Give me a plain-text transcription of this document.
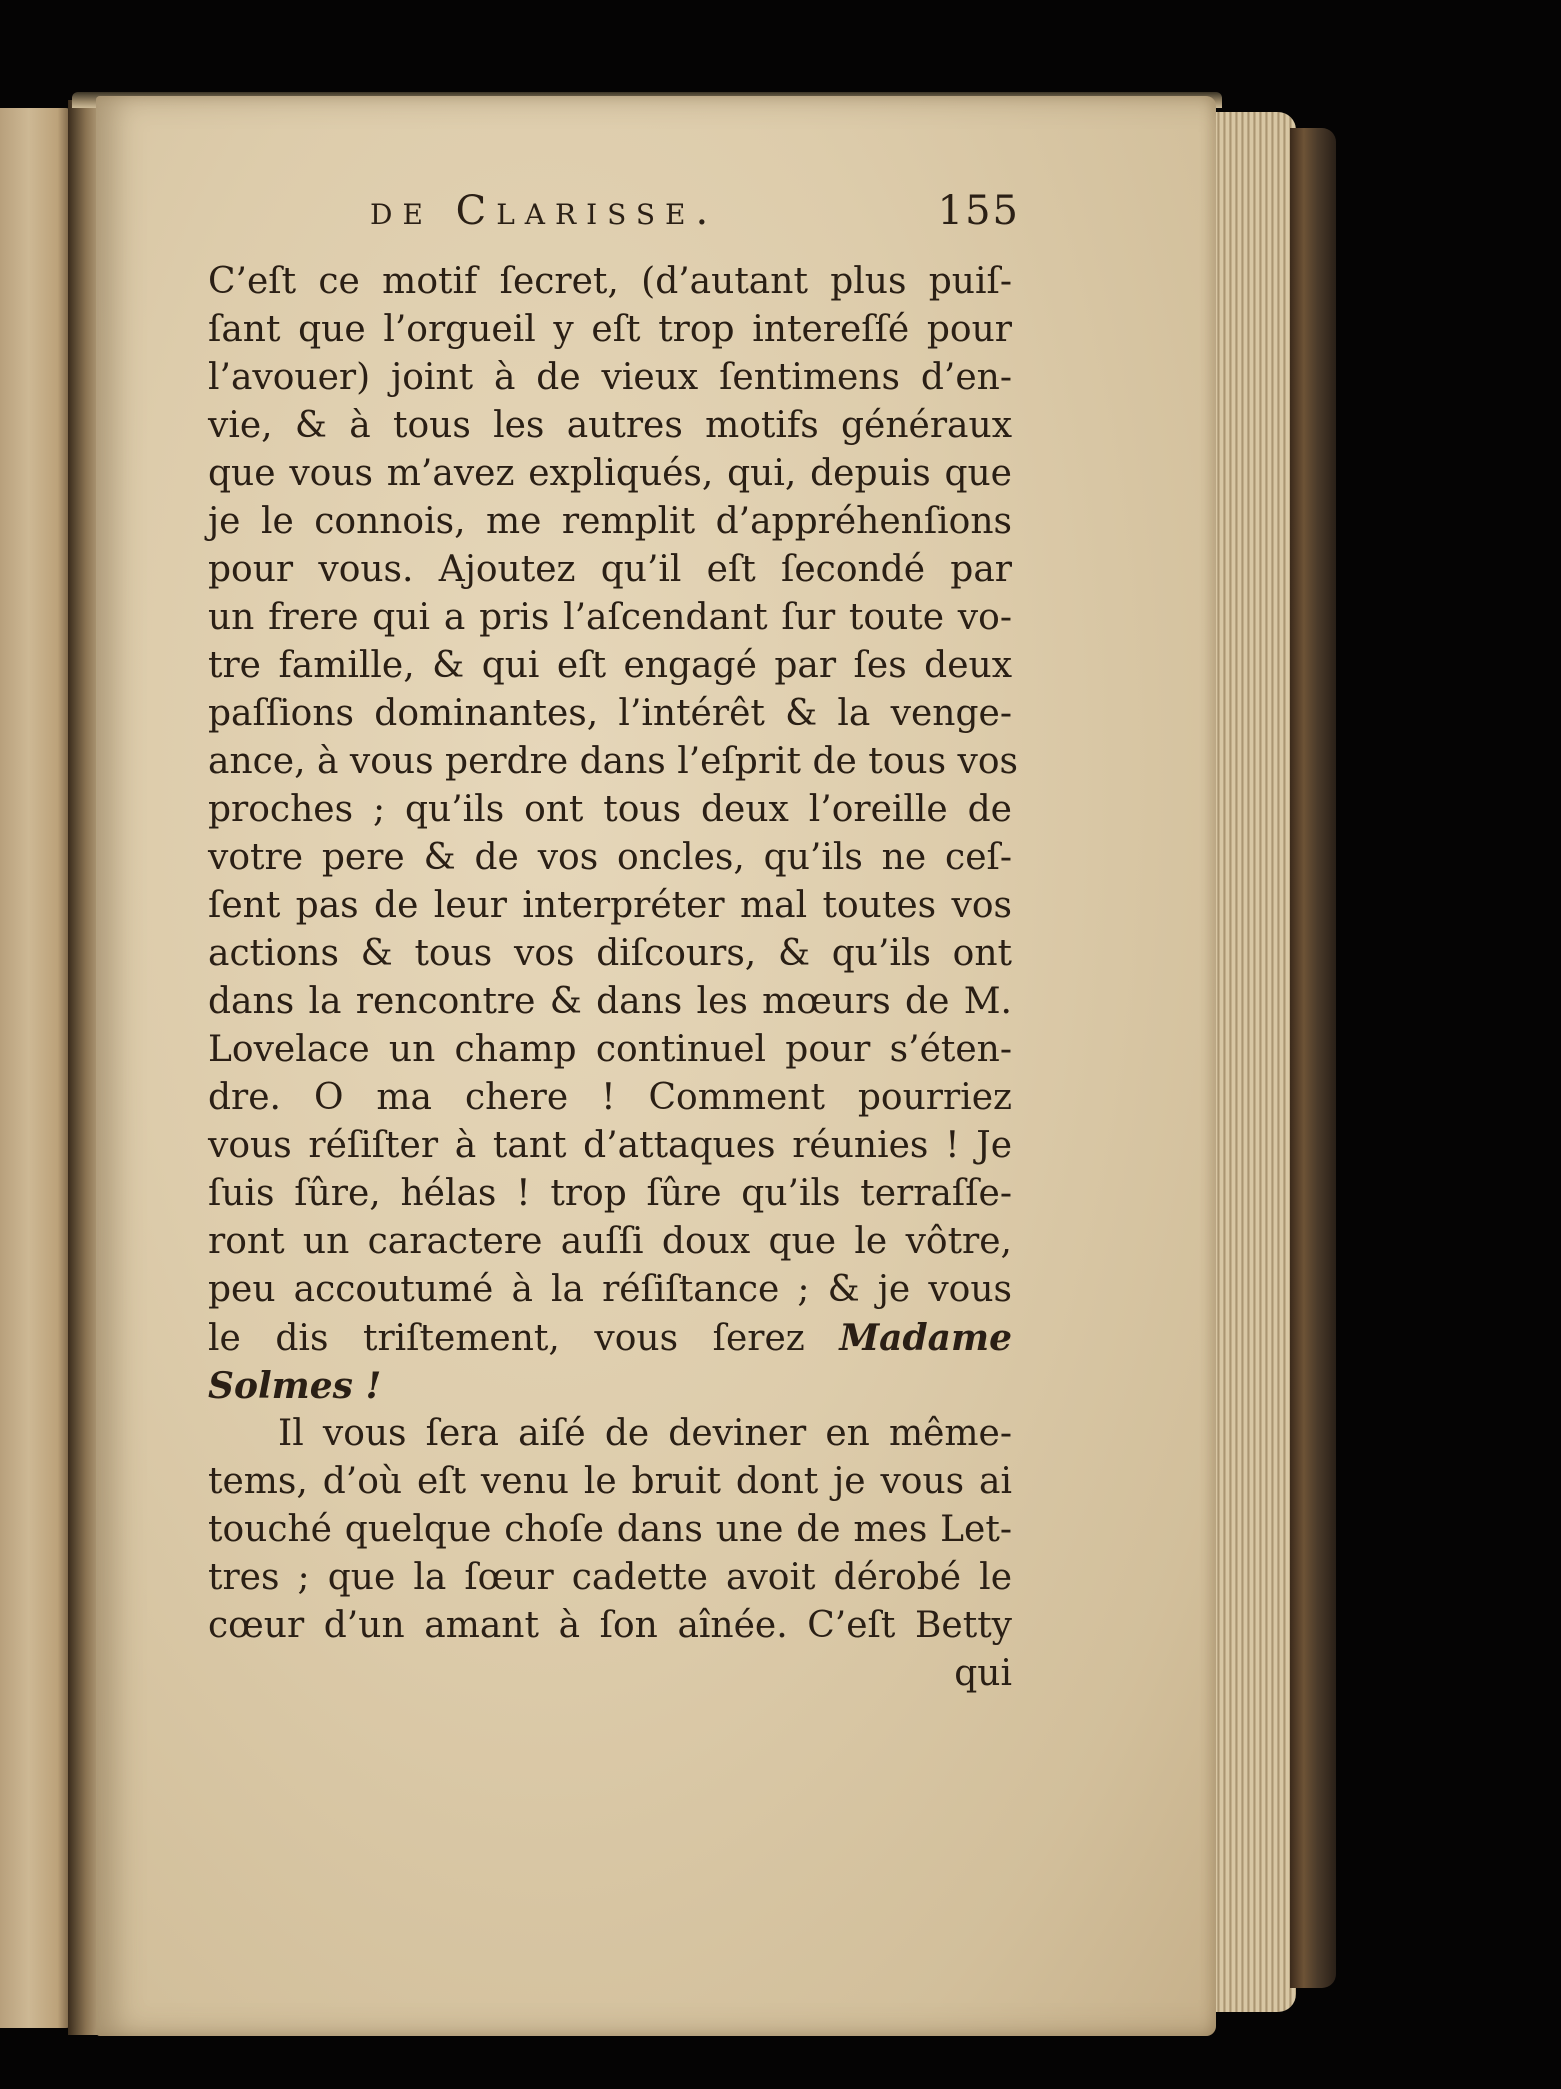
de Clarisse.	155
C’eſt ce motif ſecret, (d’autant plus puiſ-
ſant que l’orgueil y eſt trop intereſſé pour
l’avouer) joint à de vieux ſentimens d’en-
vie, & à tous les autres motifs généraux
que vous m’avez expliqués, qui, depuis que
je le connois, me remplit d’appréhenſions
pour vous. Ajoutez qu’il eſt ſecondé par
un frere qui a pris l’aſcendant ſur toute vo-
tre famille, & qui eſt engagé par ſes deux
paſſions dominantes, l’intérêt & la venge-
ance, à vous perdre dans l’eſprit de tous vos
proches ; qu’ils ont tous deux l’oreille de
votre pere & de vos oncles, qu’ils ne ceſ-
ſent pas de leur interpréter mal toutes vos
actions & tous vos diſcours, & qu’ils ont
dans la rencontre & dans les mœurs de M.
Lovelace un champ continuel pour s’éten-
dre. O ma chere ! Comment pourriez
vous réſiſter à tant d’attaques réunies ! Je
ſuis ſûre, hélas ! trop ſûre qu’ils terraſſe-
ront un caractere auſſi doux que le vôtre,
peu accoutumé à la réſiſtance ; & je vous
le dis triſtement, vous ſerez Madame
Solmes !
Il vous ſera aiſé de deviner en même-
tems, d’où eſt venu le bruit dont je vous ai
touché quelque choſe dans une de mes Let-
tres ; que la ſœur cadette avoit dérobé le
cœur d’un amant à ſon aînée. C’eſt Betty
qui
